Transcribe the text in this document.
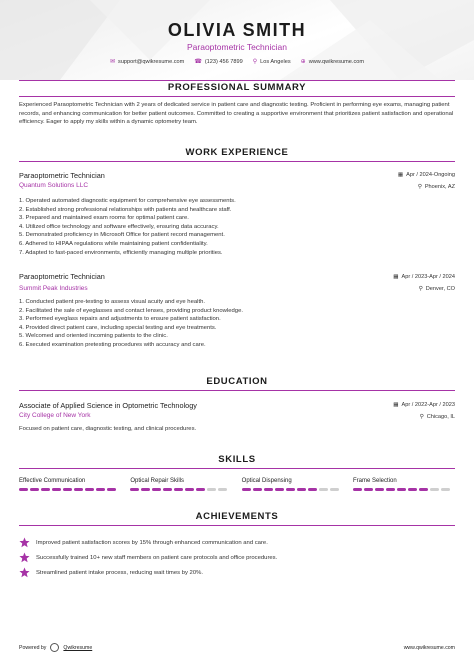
OLIVIA SMITH
Paraoptometric Technician
✉ support@qwikresume.com ☎ (123) 456 7899 ⚲ Los Angeles ⊕ www.qwikresume.com
PROFESSIONAL SUMMARY
Experienced Paraoptometric Technician with 2 years of dedicated service in patient care and diagnostic testing. Proficient in performing eye exams, managing patient records, and enhancing communication for better patient outcomes. Committed to creating a supportive environment that prioritizes patient satisfaction and operational efficiency. Eager to apply my skills within a dynamic optometry team.
WORK EXPERIENCE
Paraoptometric Technician	▦ Apr / 2024-Ongoing
Quantum Solutions LLC	⚲ Phoenix, AZ
1. Operated automated diagnostic equipment for comprehensive eye assessments.
2. Established strong professional relationships with patients and healthcare staff.
3. Prepared and maintained exam rooms for optimal patient care.
4. Utilized office technology and software effectively, ensuring data accuracy.
5. Demonstrated proficiency in Microsoft Office for patient record management.
6. Adhered to HIPAA regulations while maintaining patient confidentiality.
7. Adapted to fast-paced environments, efficiently managing multiple priorities.
Paraoptometric Technician	▦ Apr / 2023-Apr / 2024
Summit Peak Industries	⚲ Denver, CO
1. Conducted patient pre-testing to assess visual acuity and eye health.
2. Facilitated the sale of eyeglasses and contact lenses, providing product knowledge.
3. Performed eyeglass repairs and adjustments to ensure patient satisfaction.
4. Provided direct patient care, including special testing and eye treatments.
5. Welcomed and oriented incoming patients to the clinic.
6. Executed examination pretesting procedures with accuracy and care.
EDUCATION
Associate of Applied Science in Optometric Technology	▦ Apr / 2022-Apr / 2023
City College of New York	⚲ Chicago, IL
Focused on patient care, diagnostic testing, and clinical procedures.
SKILLS
Effective Communication	Optical Repair Skills	Optical Dispensing	Frame Selection
ACHIEVEMENTS
Improved patient satisfaction scores by 15% through enhanced communication and care.
Successfully trained 10+ new staff members on patient care protocols and office procedures.
Streamlined patient intake process, reducing wait times by 20%.
Powered by	Qwikresume	www.qwikresume.com
